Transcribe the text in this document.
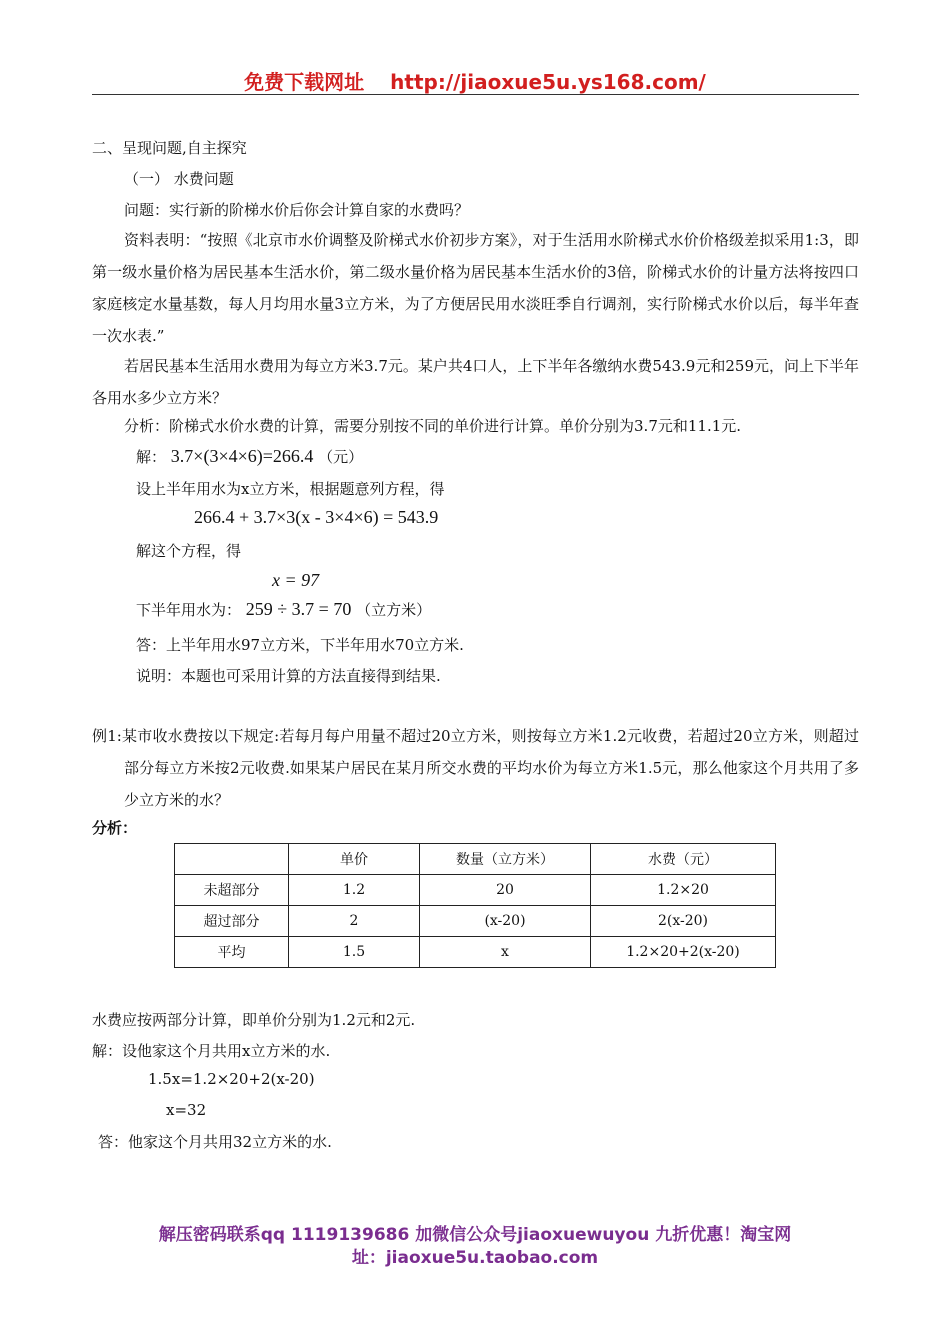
免费下载网址 http://jiaoxue5u.ys168.com/
二、呈现问题,自主探究
（一） 水费问题
问题：实行新的阶梯水价后你会计算自家的水费吗？
资料表明：“按照《北京市水价调整及阶梯式水价初步方案》，对于生活用水阶梯式水价价格级差拟采用1:3，即第一级水量价格为居民基本生活水价，第二级水量价格为居民基本生活水价的3倍，阶梯式水价的计量方法将按四口家庭核定水量基数，每人月均用水量3立方米，为了方便居民用水淡旺季自行调剂，实行阶梯式水价以后，每半年查一次水表.”
若居民基本生活用水费用为每立方米3.7元。某户共4口人，上下半年各缴纳水费543.9元和259元，问上下半年各用水多少立方米？
分析：阶梯式水价水费的计算，需要分别按不同的单价进行计算。单价分别为3.7元和11.1元.
解： 3.7×(3×4×6)=266.4 （元）
设上半年用水为x立方米，根据题意列方程，得
266.4 + 3.7×3(x - 3×4×6) = 543.9
解这个方程，得
x = 97
下半年用水为： 259 ÷ 3.7 = 70 （立方米）
答：上半年用水97立方米，下半年用水70立方米.
说明：本题也可采用计算的方法直接得到结果.
例1:某市收水费按以下规定:若每月每户用量不超过20立方米，则按每立方米1.2元收费，若超过20立方米，则超过部分每立方米按2元收费.如果某户居民在某月所交水费的平均水价为每立方米1.5元，那么他家这个月共用了多少立方米的水？
分析：
	单价	数量（立方米）	水费（元）
未超部分	1.2	20	1.2×20
超过部分	2	(x-20)	2(x-20)
平均	1.5	x	1.2×20+2(x-20)
水费应按两部分计算，即单价分别为1.2元和2元.
解：设他家这个月共用x立方米的水.
1.5x=1.2×20+2(x-20)
x=32
答：他家这个月共用32立方米的水.
解压密码联系qq 1119139686 加微信公众号jiaoxuewuyou 九折优惠！淘宝网
址：jiaoxue5u.taobao.com
